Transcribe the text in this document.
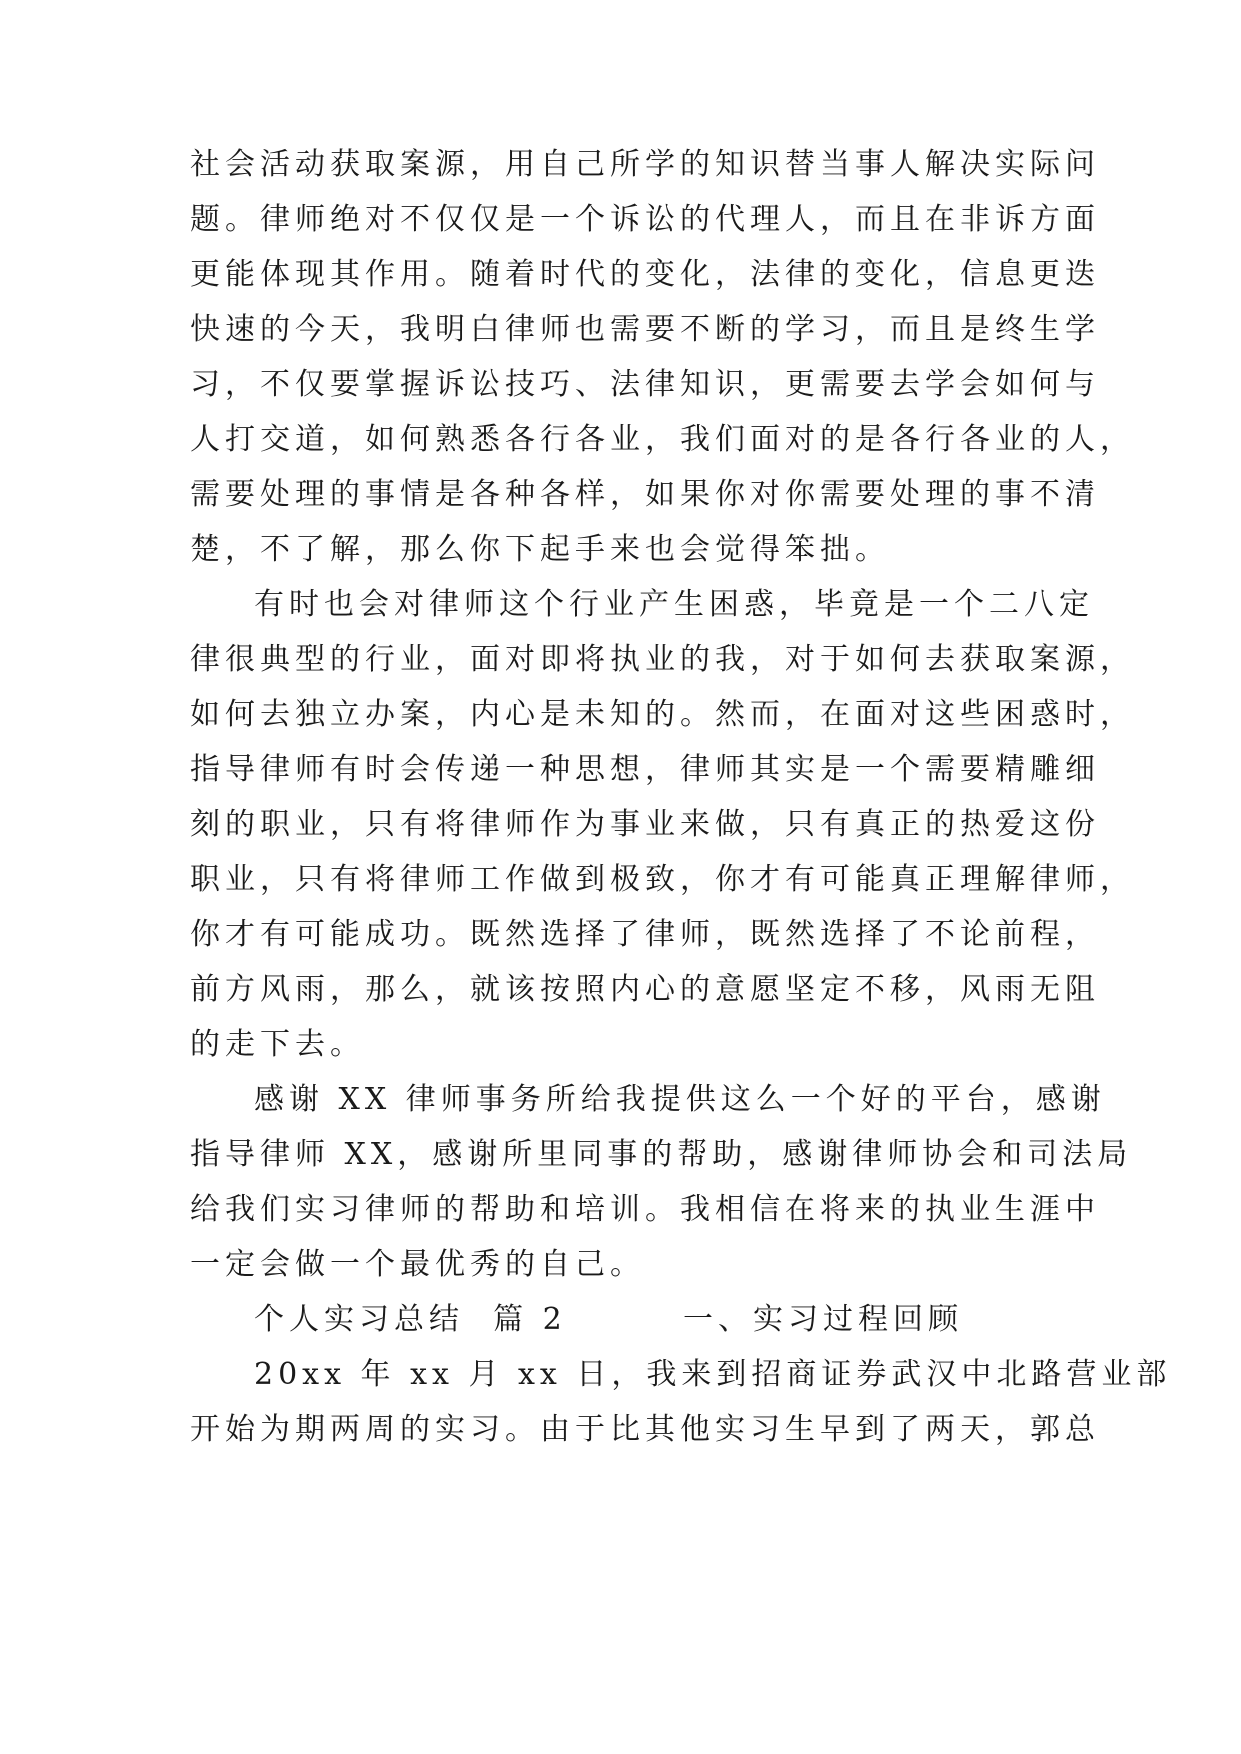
社会活动获取案源，用自己所学的知识替当事人解决实际问
题。律师绝对不仅仅是一个诉讼的代理人，而且在非诉方面
更能体现其作用。随着时代的变化，法律的变化，信息更迭
快速的今天，我明白律师也需要不断的学习，而且是终生学
习，不仅要掌握诉讼技巧、法律知识，更需要去学会如何与
人打交道，如何熟悉各行各业，我们面对的是各行各业的人，
需要处理的事情是各种各样，如果你对你需要处理的事不清
楚，不了解，那么你下起手来也会觉得笨拙。
有时也会对律师这个行业产生困惑，毕竟是一个二八定
律很典型的行业，面对即将执业的我，对于如何去获取案源，
如何去独立办案，内心是未知的。然而，在面对这些困惑时，
指导律师有时会传递一种思想，律师其实是一个需要精雕细
刻的职业，只有将律师作为事业来做，只有真正的热爱这份
职业，只有将律师工作做到极致，你才有可能真正理解律师，
你才有可能成功。既然选择了律师，既然选择了不论前程，
前方风雨，那么，就该按照内心的意愿坚定不移，风雨无阻
的走下去。
感谢 XX 律师事务所给我提供这么一个好的平台，感谢
指导律师 XX，感谢所里同事的帮助，感谢律师协会和司法局
给我们实习律师的帮助和培训。我相信在将来的执业生涯中
一定会做一个最优秀的自己。
个人实习总结  篇 2        一、实习过程回顾
20xx 年 xx 月 xx 日，我来到招商证券武汉中北路营业部
开始为期两周的实习。由于比其他实习生早到了两天，郭总
